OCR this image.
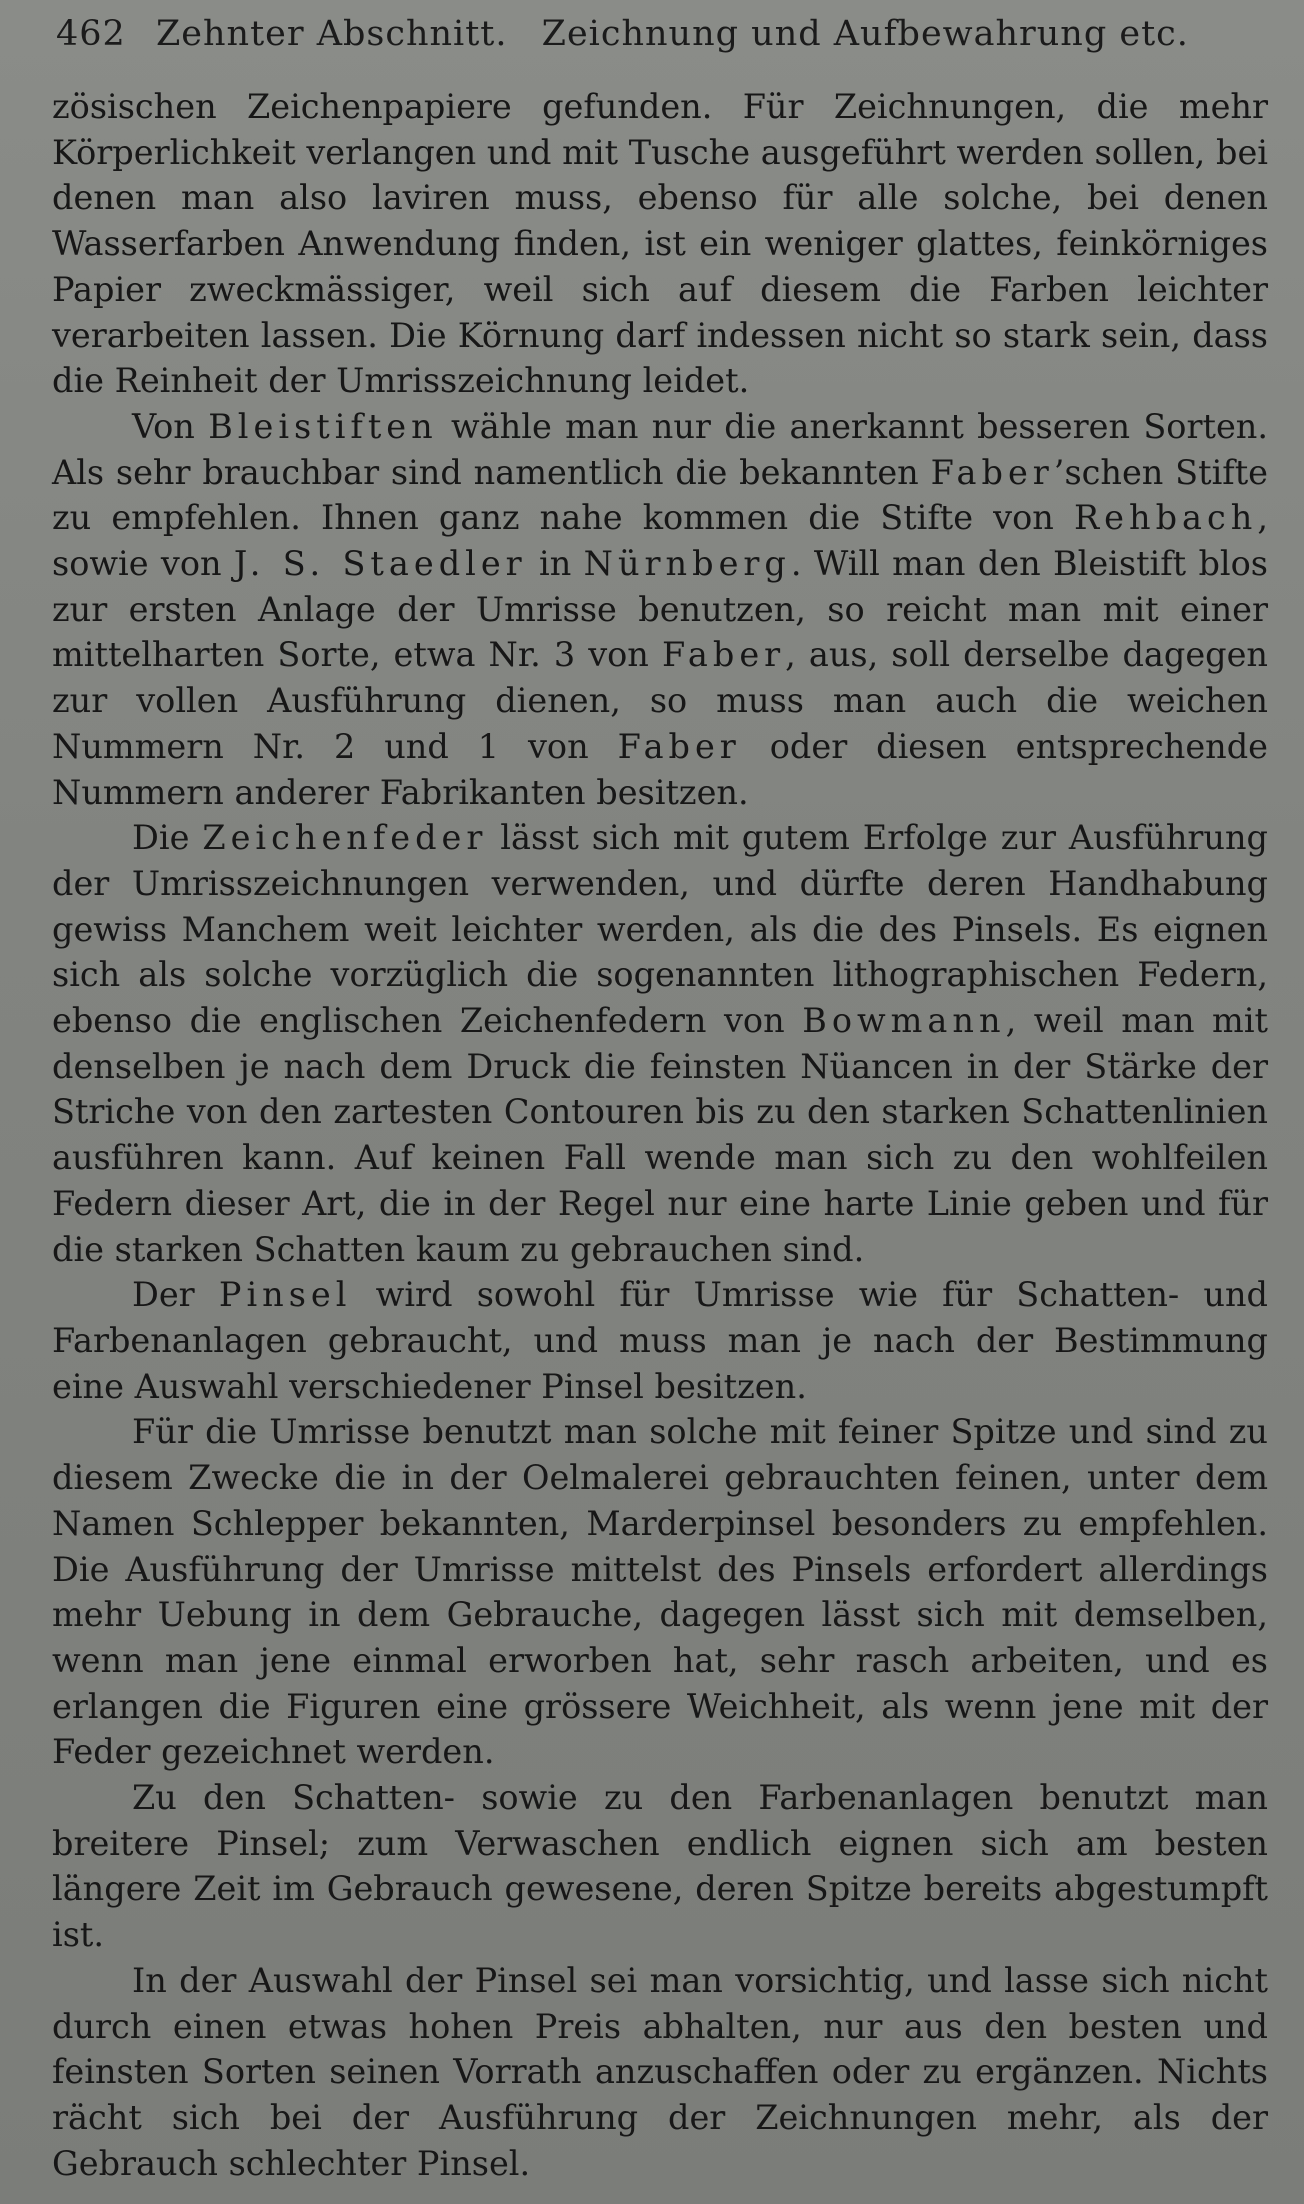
462 Zehnter Abschnitt. Zeichnung und Aufbewahrung etc.

zösischen Zeichenpapiere gefunden. Für Zeichnungen, die mehr Körperlichkeit verlangen und mit Tusche ausgeführt werden sollen, bei denen man also laviren muss, ebenso für alle solche, bei denen Wasserfarben Anwendung finden, ist ein weniger glattes, feinkörniges Papier zweckmässiger, weil sich auf diesem die Farben leichter verarbeiten lassen. Die Körnung darf indessen nicht so stark sein, dass die Reinheit der Umrisszeichnung leidet.

Von Bleistiften wähle man nur die anerkannt besseren Sorten. Als sehr brauchbar sind namentlich die bekannten Faber’schen Stifte zu empfehlen. Ihnen ganz nahe kommen die Stifte von Rehbach, sowie von J. S. Staedler in Nürnberg. Will man den Bleistift blos zur ersten Anlage der Umrisse benutzen, so reicht man mit einer mittelharten Sorte, etwa Nr. 3 von Faber, aus, soll derselbe dagegen zur vollen Ausführung dienen, so muss man auch die weichen Nummern Nr. 2 und 1 von Faber oder diesen entsprechende Nummern anderer Fabrikanten besitzen.

Die Zeichenfeder lässt sich mit gutem Erfolge zur Ausführung der Umrisszeichnungen verwenden, und dürfte deren Handhabung gewiss Manchem weit leichter werden, als die des Pinsels. Es eignen sich als solche vorzüglich die sogenannten lithographischen Federn, ebenso die englischen Zeichenfedern von Bowmann, weil man mit denselben je nach dem Druck die feinsten Nüancen in der Stärke der Striche von den zartesten Contouren bis zu den starken Schattenlinien ausführen kann. Auf keinen Fall wende man sich zu den wohlfeilen Federn dieser Art, die in der Regel nur eine harte Linie geben und für die starken Schatten kaum zu gebrauchen sind.

Der Pinsel wird sowohl für Umrisse wie für Schatten- und Farbenanlagen gebraucht, und muss man je nach der Bestimmung eine Auswahl verschiedener Pinsel besitzen.

Für die Umrisse benutzt man solche mit feiner Spitze und sind zu diesem Zwecke die in der Oelmalerei gebrauchten feinen, unter dem Namen Schlepper bekannten, Marderpinsel besonders zu empfehlen. Die Ausführung der Umrisse mittelst des Pinsels erfordert allerdings mehr Uebung in dem Gebrauche, dagegen lässt sich mit demselben, wenn man jene einmal erworben hat, sehr rasch arbeiten, und es erlangen die Figuren eine grössere Weichheit, als wenn jene mit der Feder gezeichnet werden.

Zu den Schatten- sowie zu den Farbenanlagen benutzt man breitere Pinsel; zum Verwaschen endlich eignen sich am besten längere Zeit im Gebrauch gewesene, deren Spitze bereits abgestumpft ist.

In der Auswahl der Pinsel sei man vorsichtig, und lasse sich nicht durch einen etwas hohen Preis abhalten, nur aus den besten und feinsten Sorten seinen Vorrath anzuschaffen oder zu ergänzen. Nichts rächt sich bei der Ausführung der Zeichnungen mehr, als der Gebrauch schlechter Pinsel.
